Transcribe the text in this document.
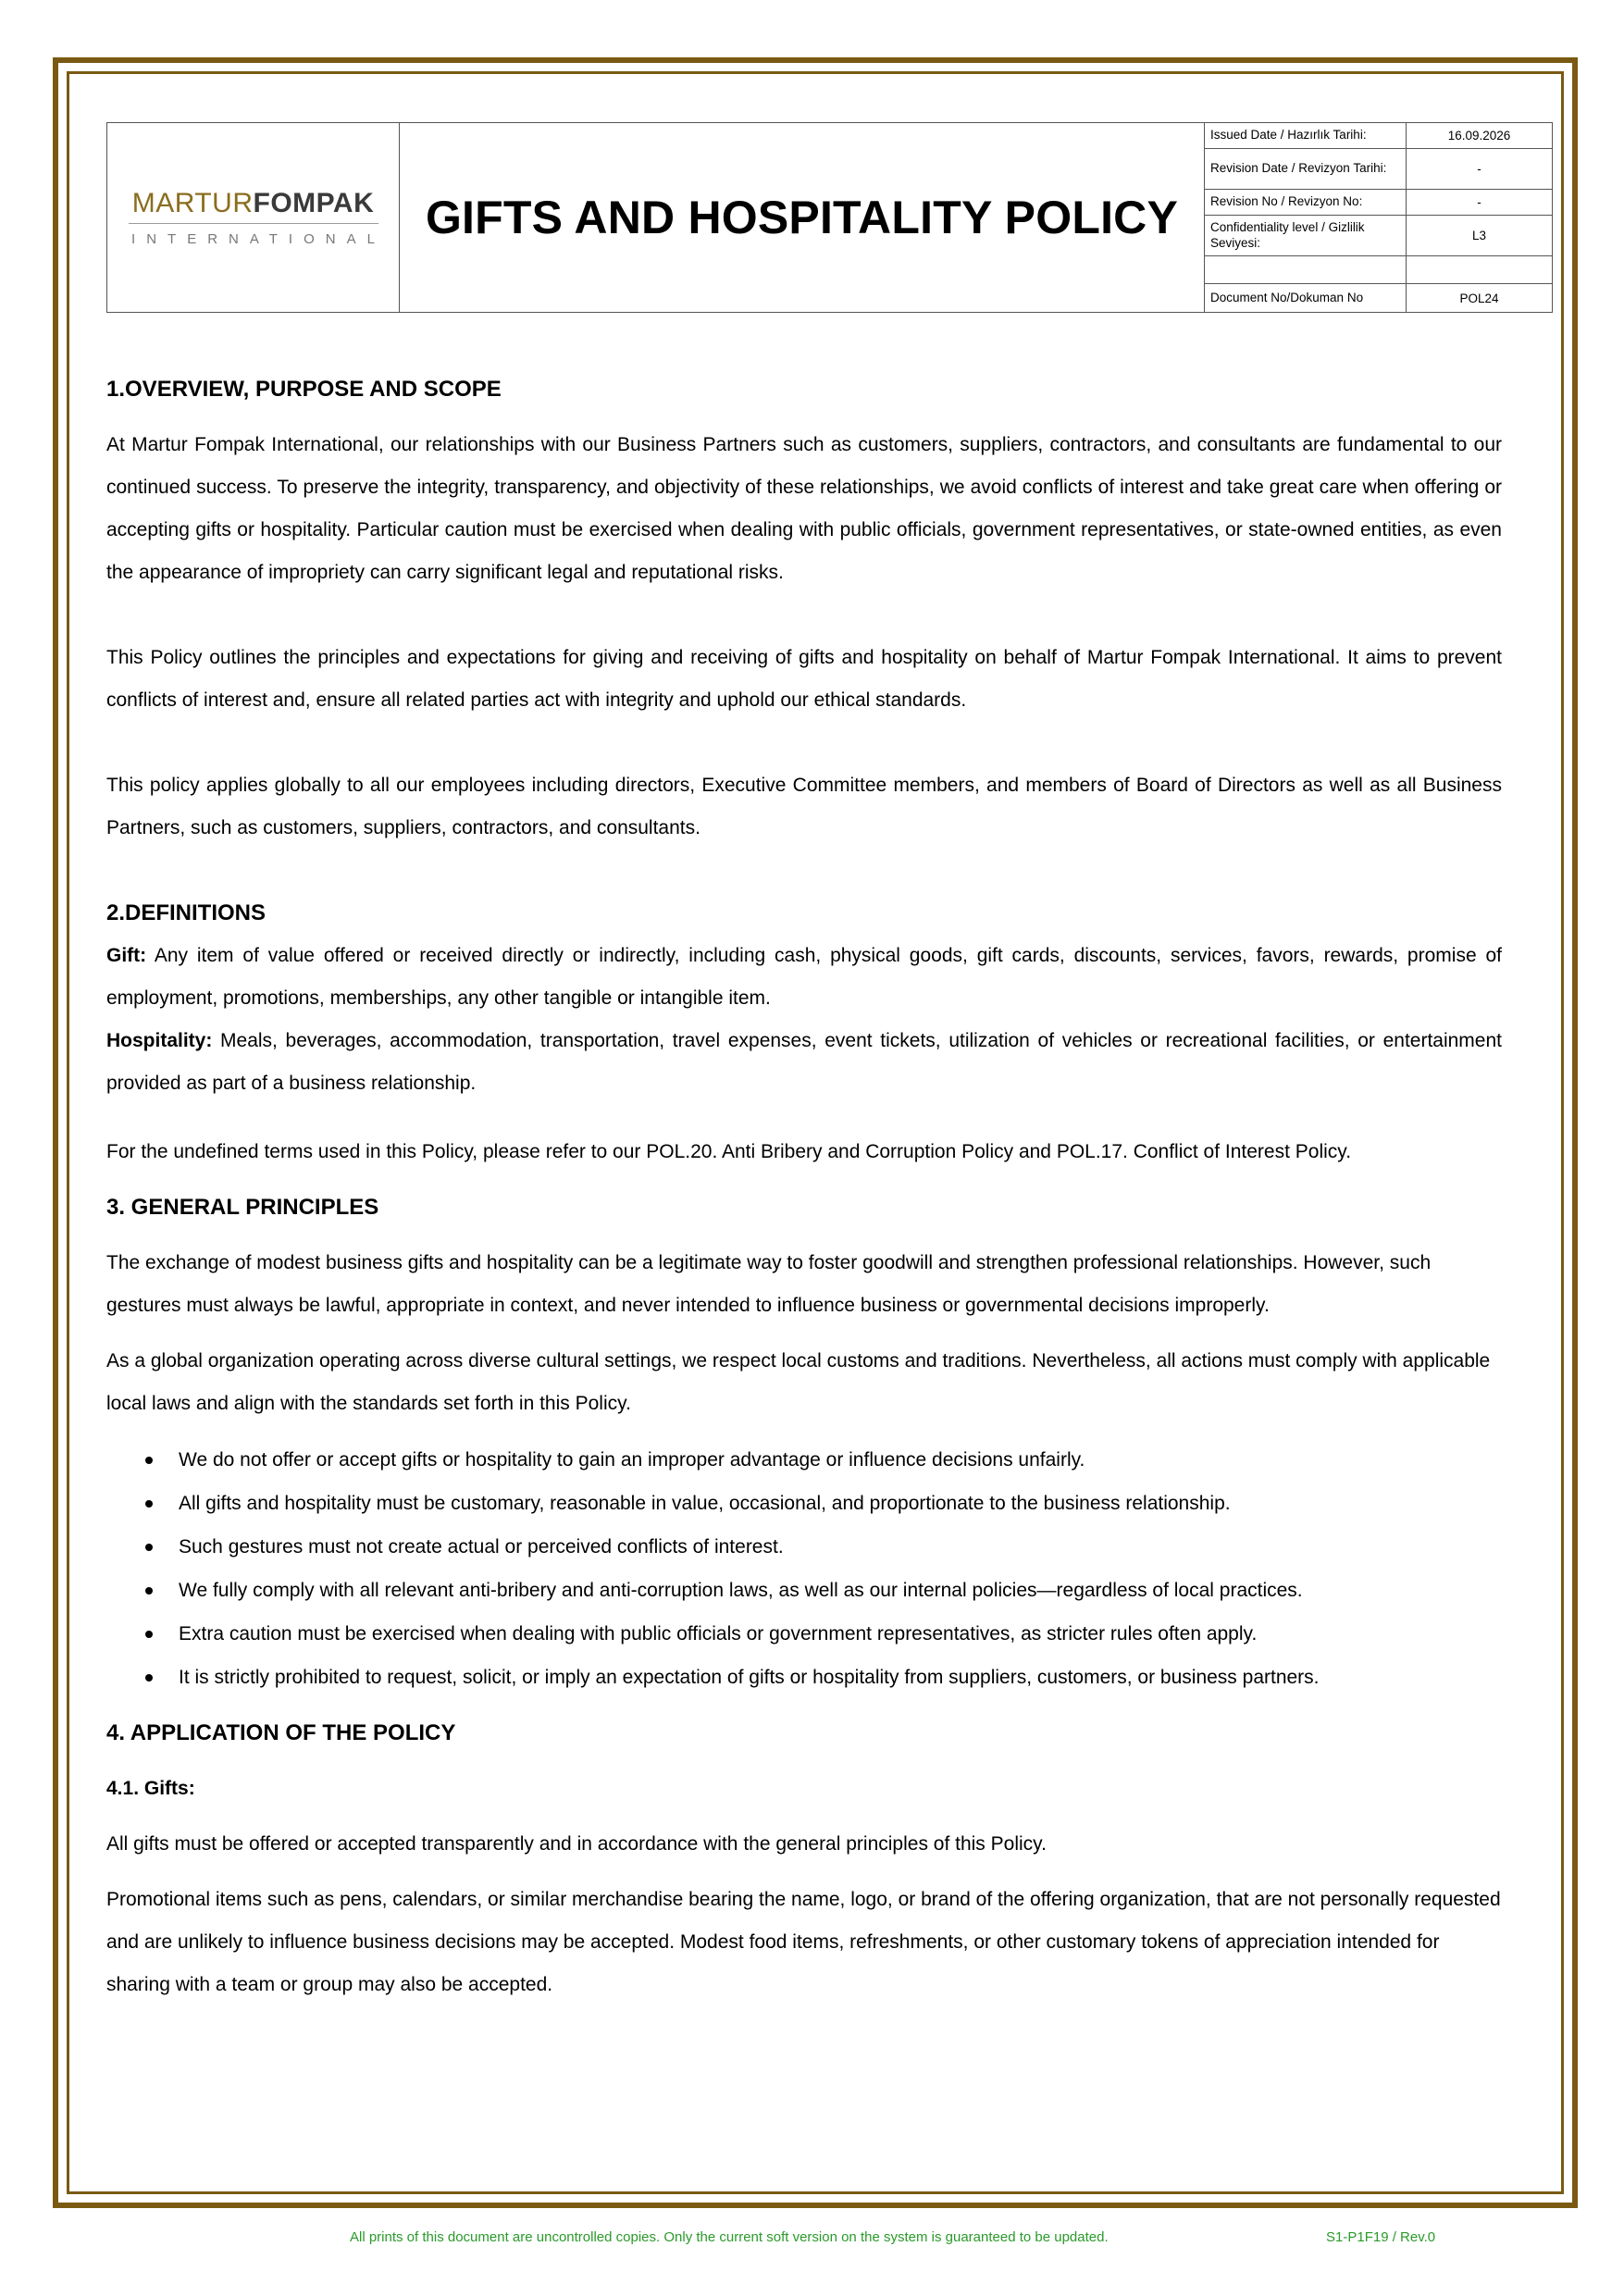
MARTURFOMPAK
INTERNATIONAL GIFTS AND HOSPITALITY POLICY
Issued Date / Hazırlık Tarihi:	16.09.2026
Revision Date / Revizyon Tarihi:	-
Revision No / Revizyon No:	-
Confidentiality level / Gizlilik Seviyesi:	L3
Document No/Dokuman No	POL24
1.OVERVIEW, PURPOSE AND SCOPE

At Martur Fompak International, our relationships with our Business Partners such as customers, suppliers, contractors, and consultants are fundamental to our continued success. To preserve the integrity, transparency, and objectivity of these relationships, we avoid conflicts of interest and take great care when offering or accepting gifts or hospitality. Particular caution must be exercised when dealing with public officials, government representatives, or state-owned entities, as even the appearance of impropriety can carry significant legal and reputational risks.

This Policy outlines the principles and expectations for giving and receiving of gifts and hospitality on behalf of Martur Fompak International. It aims to prevent conflicts of interest and, ensure all related parties act with integrity and uphold our ethical standards.

This policy applies globally to all our employees including directors, Executive Committee members, and members of Board of Directors as well as all Business Partners, such as customers, suppliers, contractors, and consultants.

2.DEFINITIONS

Gift: Any item of value offered or received directly or indirectly, including cash, physical goods, gift cards, discounts, services, favors, rewards, promise of employment, promotions, memberships, any other tangible or intangible item.

Hospitality: Meals, beverages, accommodation, transportation, travel expenses, event tickets, utilization of vehicles or recreational facilities, or entertainment provided as part of a business relationship.

For the undefined terms used in this Policy, please refer to our POL.20. Anti Bribery and Corruption Policy and POL.17. Conflict of Interest Policy.

3. GENERAL PRINCIPLES

The exchange of modest business gifts and hospitality can be a legitimate way to foster goodwill and strengthen professional relationships. However, such gestures must always be lawful, appropriate in context, and never intended to influence business or governmental decisions improperly.

As a global organization operating across diverse cultural settings, we respect local customs and traditions. Nevertheless, all actions must comply with applicable local laws and align with the standards set forth in this Policy.

We do not offer or accept gifts or hospitality to gain an improper advantage or influence decisions unfairly.
All gifts and hospitality must be customary, reasonable in value, occasional, and proportionate to the business relationship.
Such gestures must not create actual or perceived conflicts of interest.
We fully comply with all relevant anti-bribery and anti-corruption laws, as well as our internal policies—regardless of local practices.
Extra caution must be exercised when dealing with public officials or government representatives, as stricter rules often apply.
It is strictly prohibited to request, solicit, or imply an expectation of gifts or hospitality from suppliers, customers, or business partners.
4. APPLICATION OF THE POLICY

4.1. Gifts:

All gifts must be offered or accepted transparently and in accordance with the general principles of this Policy.

Promotional items such as pens, calendars, or similar merchandise bearing the name, logo, or brand of the offering organization, that are not personally requested and are unlikely to influence business decisions may be accepted. Modest food items, refreshments, or other customary tokens of appreciation intended for sharing with a team or group may also be accepted.

All prints of this document are uncontrolled copies. Only the current soft version on the system is guaranteed to be updated.	S1-P1F19 / Rev.0
